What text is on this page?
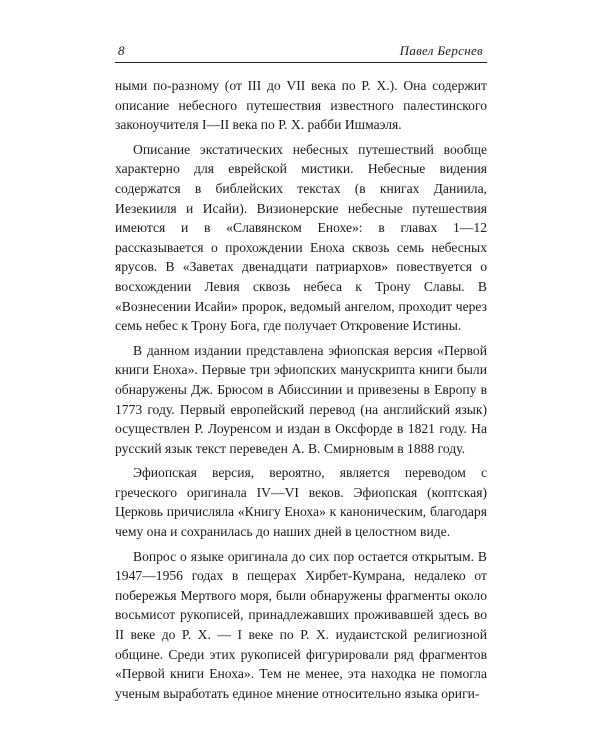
8	Павел Берснев

ными по-разному (от III до VII века по Р. Х.). Она содержит описание небесного путешествия известного палестинского законоучителя I—II века по Р. Х. рабби Ишмаэля.

Описание экстатических небесных путешествий вообще характерно для еврейской мистики. Небесные видения содержатся в библейских текстах (в книгах Даниила, Иезекииля и Исайи). Визионерские небесные путешествия имеются и в «Славянском Енохе»: в главах 1—12 рассказывается о прохождении Еноха сквозь семь небесных ярусов. В «Заветах двенадцати патриархов» повествуется о восхождении Левия сквозь небеса к Трону Славы. В «Вознесении Исайи» пророк, ведомый ангелом, проходит через семь небес к Трону Бога, где получает Откровение Истины.

В данном издании представлена эфиопская версия «Первой книги Еноха». Первые три эфиопских манускрипта книги были обнаружены Дж. Брюсом в Абиссинии и привезены в Европу в 1773 году. Первый европейский перевод (на английский язык) осуществлен Р. Лоуренсом и издан в Оксфорде в 1821 году. На русский язык текст переведен А. В. Смирновым в 1888 году.

Эфиопская версия, вероятно, является переводом с греческого оригинала IV—VI веков. Эфиопская (коптская) Церковь причисляла «Книгу Еноха» к каноническим, благодаря чему она и сохранилась до наших дней в целостном виде.

Вопрос о языке оригинала до сих пор остается открытым. В 1947—1956 годах в пещерах Хирбет-Кумрана, недалеко от побережья Мертвого моря, были обнаружены фрагменты около восьмисот рукописей, принадлежавших проживавшей здесь во II веке до Р. Х. — I веке по Р. Х. иудаистской религиозной общине. Среди этих рукописей фигурировали ряд фрагментов «Первой книги Еноха». Тем не менее, эта находка не помогла ученым выработать единое мнение относительно языка ориги-
